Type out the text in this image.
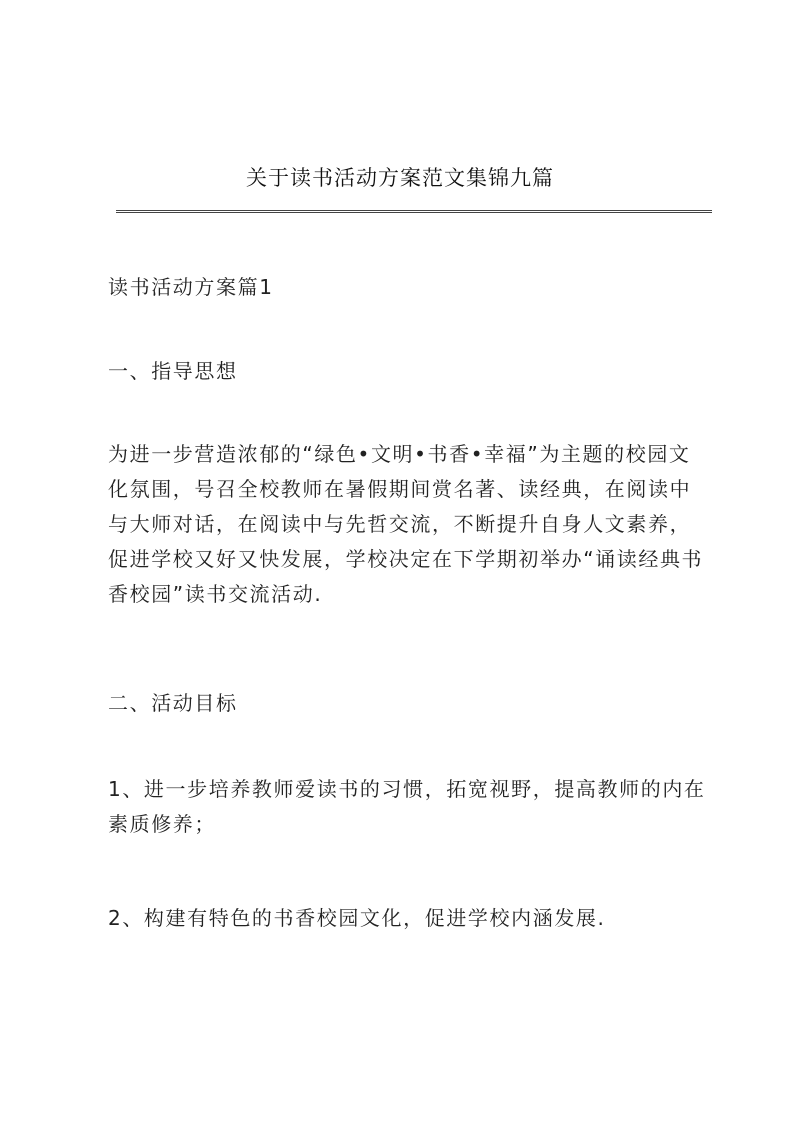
关于读书活动方案范文集锦九篇
读书活动方案篇1
一、指导思想
为进一步营造浓郁的“绿色•文明•书香•幸福”为主题的校园文化氛围，号召全校教师在暑假期间赏名著、读经典，在阅读中与大师对话，在阅读中与先哲交流，不断提升自身人文素养，促进学校又好又快发展，学校决定在下学期初举办“诵读经典书香校园”读书交流活动.
二、活动目标
1、进一步培养教师爱读书的习惯，拓宽视野，提高教师的内在素质修养；
2、构建有特色的书香校园文化，促进学校内涵发展.
